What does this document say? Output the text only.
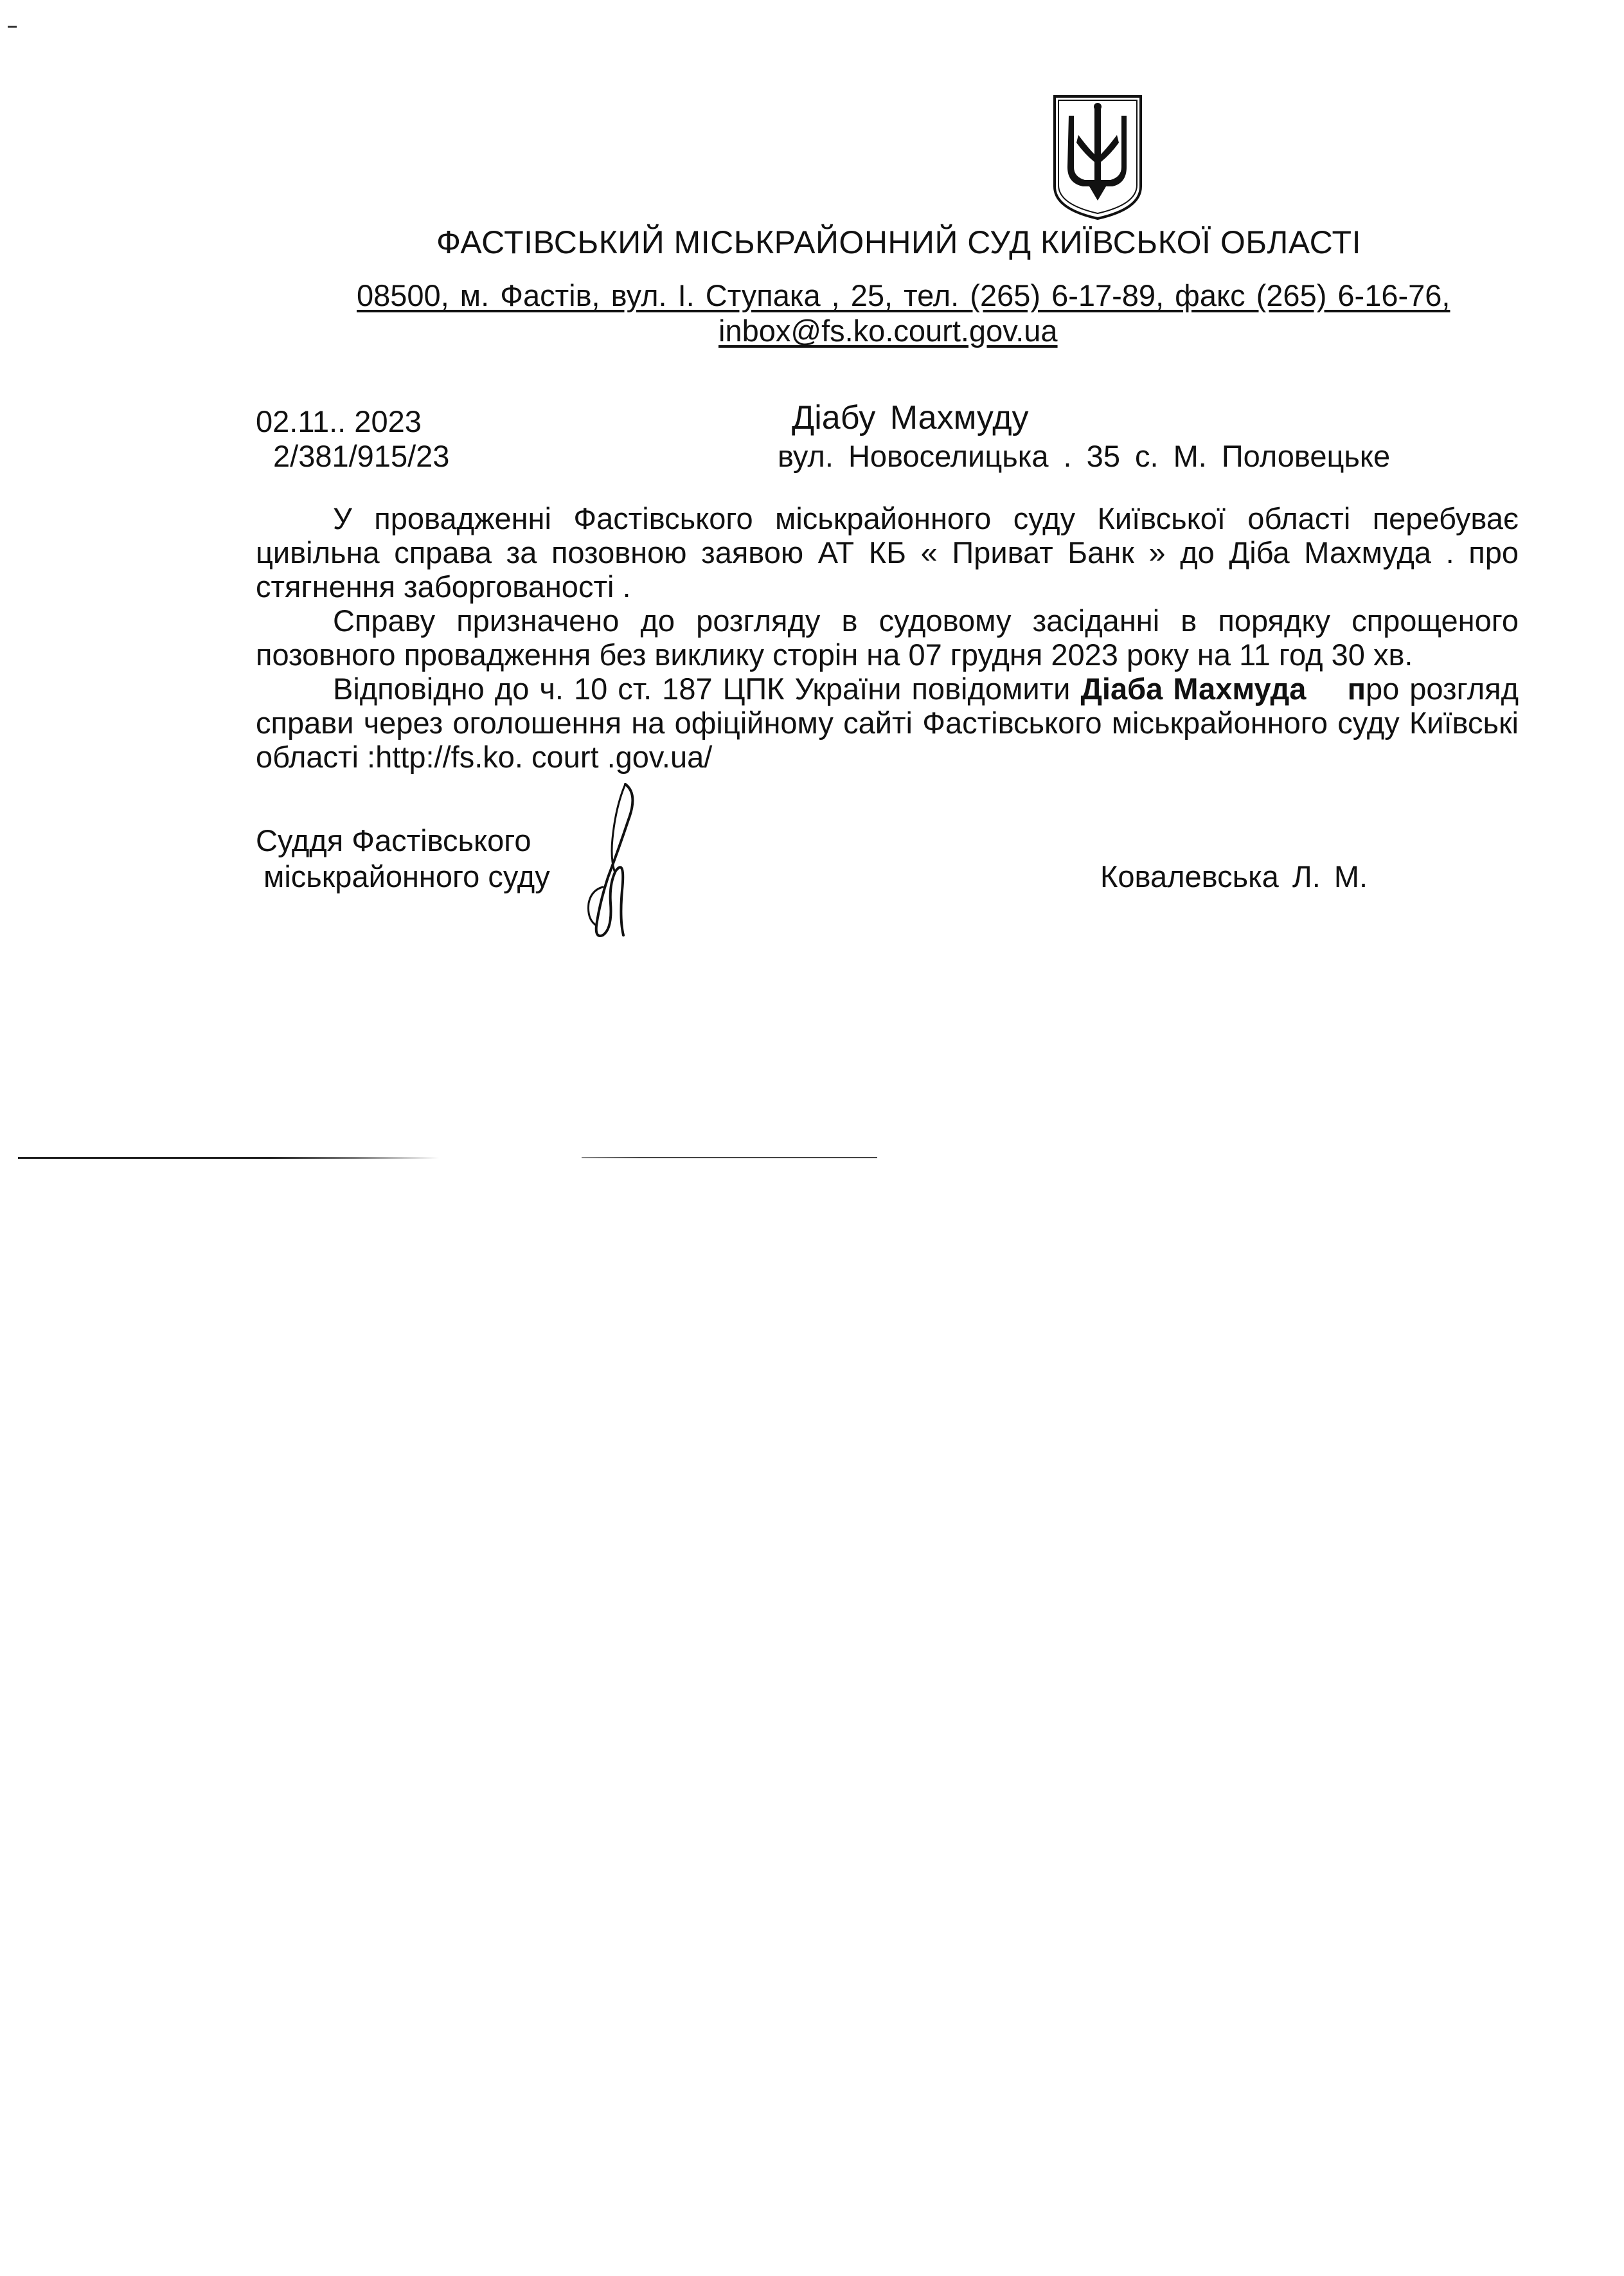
ФАСТІВСЬКИЙ МІСЬКРАЙОННИЙ СУД КИЇВСЬКОЇ ОБЛАСТІ
08500, м. Фастів, вул. І. Ступака , 25, тел. (265) 6-17-89, факс (265) 6-16-76,
inbox@fs.ko.court.gov.ua
02.11.. 2023
2/381/915/23
Діабу Махмуду
вул. Новоселицька . 35 с. М. Половецьке

У провадженні Фастівського міськрайонного суду Київської області перебуває цивільна справа за позовною заявою АТ КБ « Приват Банк » до Діба Махмуда . про стягнення заборгованості .

Справу призначено до розгляду в судовому засіданні в порядку спрощеного позовного провадження без виклику сторін на 07 грудня 2023 року на 11 год 30 хв.

Відповідно до ч. 10 ст. 187 ЦПК України повідомити Діаба Махмуда про розгляд справи через оголошення на офіційному сайті Фастівського міськрайонного суду Київські області :http://fs.ko. court .gov.ua/

Суддя Фастівського
міськрайонного суду	Ковалевська Л. М.
